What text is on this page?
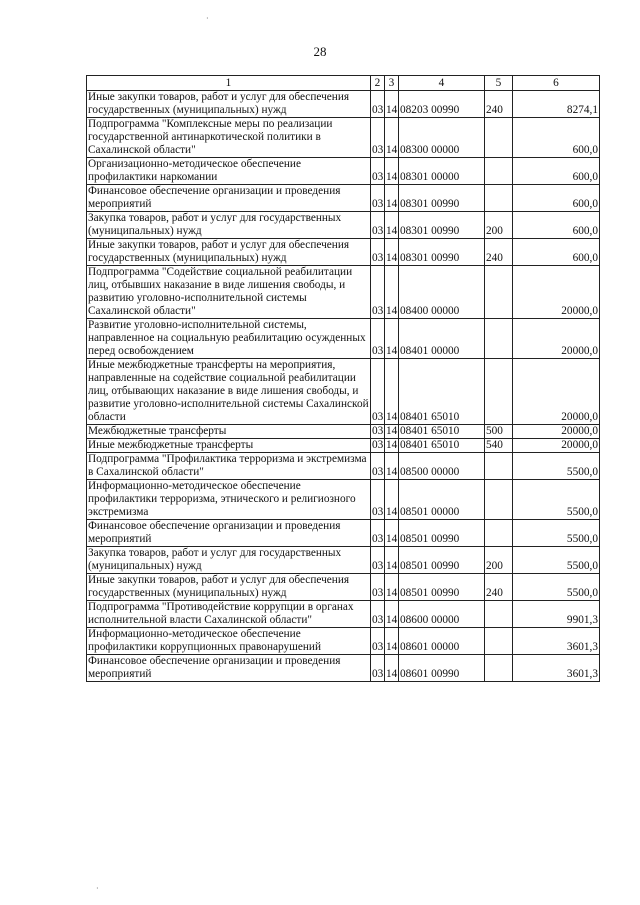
28
·
·
1	2	3	4	5	6
Иные закупки товаров, работ и услуг для обеспечения государственных (муниципальных) нужд	03	14	08203 00990	240	8274,1
Подпрограмма "Комплексные меры по реализации государственной антинаркотической политики в Сахалинской области"	03	14	08300 00000		600,0
Организационно-методическое обеспечение профилактики наркомании	03	14	08301 00000		600,0
Финансовое обеспечение организации и проведения мероприятий	03	14	08301 00990		600,0
Закупка товаров, работ и услуг для государственных (муниципальных) нужд	03	14	08301 00990	200	600,0
Иные закупки товаров, работ и услуг для обеспечения государственных (муниципальных) нужд	03	14	08301 00990	240	600,0
Подпрограмма "Содействие социальной реабилитации лиц, отбывших наказание в виде лишения свободы, и развитию уголовно-исполнительной системы Сахалинской области"	03	14	08400 00000		20000,0
Развитие уголовно-исполнительной системы, направленное на социальную реабилитацию осужденных перед освобождением	03	14	08401 00000		20000,0
Иные межбюджетные трансферты на мероприятия, направленные на содействие социальной реабилитации лиц, отбывающих наказание в виде лишения свободы, и развитие уголовно-исполнительной системы Сахалинской области	03	14	08401 65010		20000,0
Межбюджетные трансферты	03	14	08401 65010	500	20000,0
Иные межбюджетные трансферты	03	14	08401 65010	540	20000,0
Подпрограмма "Профилактика терроризма и экстремизма в Сахалинской области"	03	14	08500 00000		5500,0
Информационно-методическое обеспечение профилактики терроризма, этнического и религиозного экстремизма	03	14	08501 00000		5500,0
Финансовое обеспечение организации и проведения мероприятий	03	14	08501 00990		5500,0
Закупка товаров, работ и услуг для государственных (муниципальных) нужд	03	14	08501 00990	200	5500,0
Иные закупки товаров, работ и услуг для обеспечения государственных (муниципальных) нужд	03	14	08501 00990	240	5500,0
Подпрограмма "Противодействие коррупции в органах исполнительной власти Сахалинской области"	03	14	08600 00000		9901,3
Информационно-методическое обеспечение профилактики коррупционных правонарушений	03	14	08601 00000		3601,3
Финансовое обеспечение организации и проведения мероприятий	03	14	08601 00990		3601,3
